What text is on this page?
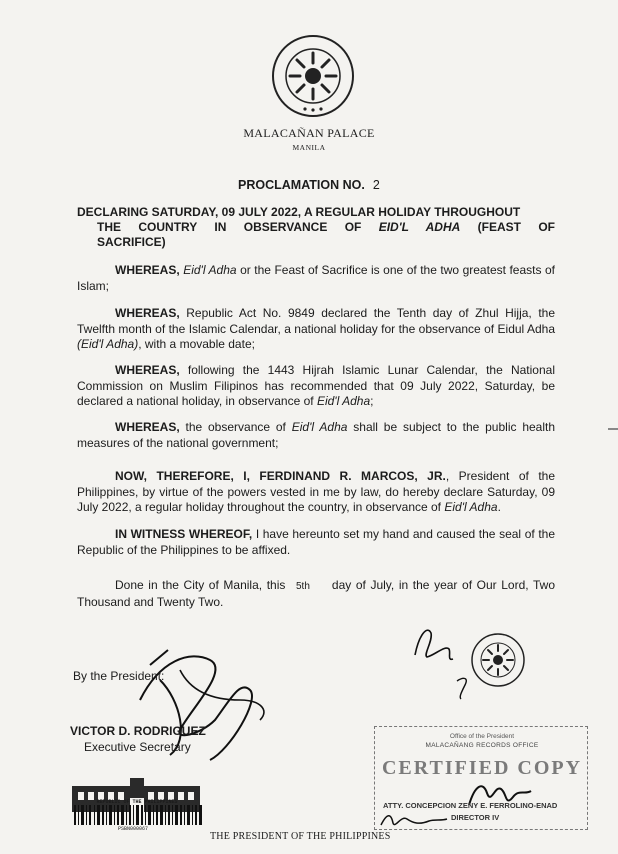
MALACAÑAN PALACE
MANILA
PROCLAMATION NO. 2
DECLARING SATURDAY, 09 JULY 2022, A REGULAR HOLIDAY THROUGHOUT
THE COUNTRY IN OBSERVANCE OF EID'L ADHA (FEAST OF
SACRIFICE)

WHEREAS, Eid'l Adha or the Feast of Sacrifice is one of the two greatest feasts of Islam;

WHEREAS, Republic Act No. 9849 declared the Tenth day of Zhul Hijja, the Twelfth month of the Islamic Calendar, a national holiday for the observance of Eidul Adha (Eid'l Adha), with a movable date;

WHEREAS, following the 1443 Hijrah Islamic Lunar Calendar, the National Commission on Muslim Filipinos has recommended that 09 July 2022, Saturday, be declared a national holiday, in observance of Eid'l Adha;

WHEREAS, the observance of Eid'l Adha shall be subject to the public health measures of the national government;

NOW, THEREFORE, I, FERDINAND R. MARCOS, JR., President of the Philippines, by virtue of the powers vested in me by law, do hereby declare Saturday, 09 July 2022, a regular holiday throughout the country, in observance of Eid'l Adha.

IN WITNESS WHEREOF, I have hereunto set my hand and caused the seal of the Republic of the Philippines to be affixed.

Done in the City of Manila, this 5th day of July, in the year of Our Lord, Two Thousand and Twenty Two.

By the President:
VICTOR D. RODRIGUEZ
Executive Secretary
REPUBLIC OF THE PHILIPPINES
PSBN000067
THE PRESIDENT OF THE PHILIPPINES
Office of the President
MALACAÑANG RECORDS OFFICE
CERTIFIED COPY
ATTY. CONCEPCION ZENY E. FERROLINO-ENAD
DIRECTOR IV
